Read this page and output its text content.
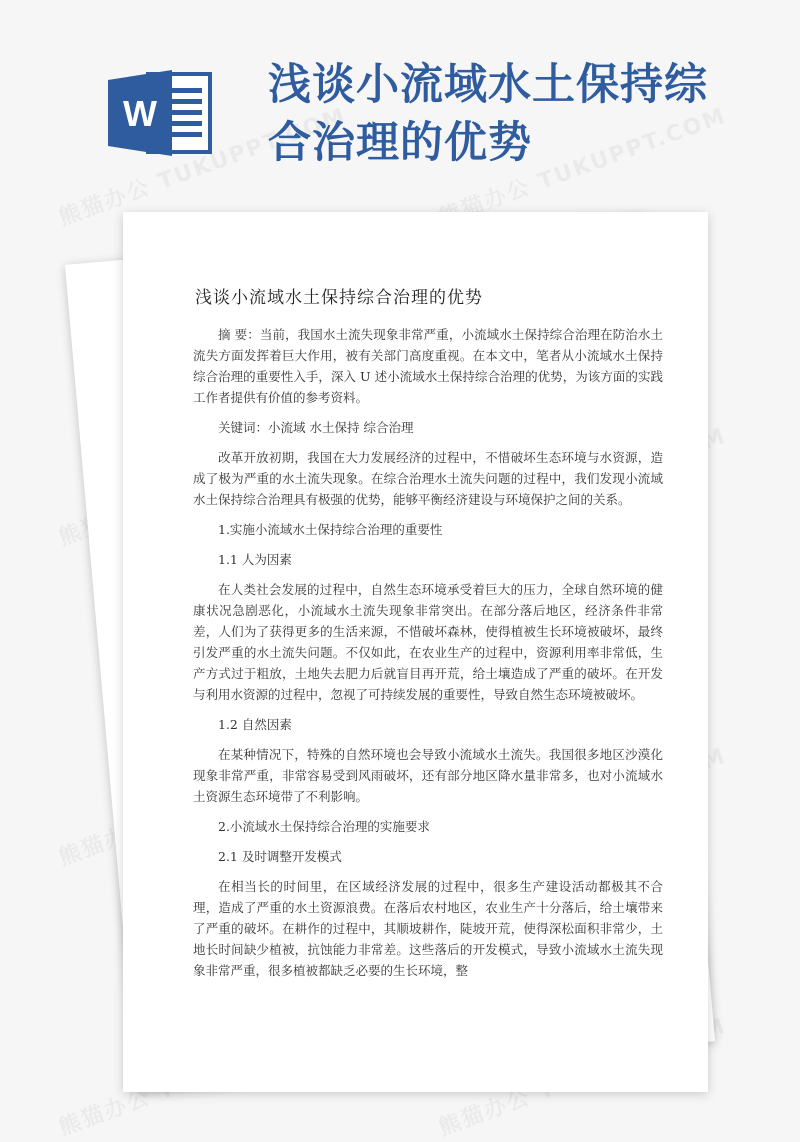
W
浅谈小流域水土保持综合治理的优势
浅谈小流域水土保持综合治理的优势

摘 要：当前，我国水土流失现象非常严重，小流域水土保持综合治理在防治水土流失方面发挥着巨大作用，被有关部门高度重视。在本文中，笔者从小流域水土保持综合治理的重要性入手，深入 U 述小流域水土保持综合治理的优势，为该方面的实践工作者提供有价值的参考资料。

关键词：小流域 水土保持 综合治理

改革开放初期，我国在大力发展经济的过程中，不惜破坏生态环境与水资源，造成了极为严重的水土流失现象。在综合治理水土流失问题的过程中，我们发现小流域水土保持综合治理具有极强的优势，能够平衡经济建设与环境保护之间的关系。

1.实施小流域水土保持综合治理的重要性

1.1 人为因素

在人类社会发展的过程中，自然生态环境承受着巨大的压力，全球自然环境的健康状况急剧恶化，小流域水土流失现象非常突出。在部分落后地区，经济条件非常差，人们为了获得更多的生活来源，不惜破坏森林，使得植被生长环境被破坏，最终引发严重的水土流失问题。不仅如此，在农业生产的过程中，资源利用率非常低，生产方式过于粗放，土地失去肥力后就盲目再开荒，给土壤造成了严重的破坏。在开发与利用水资源的过程中，忽视了可持续发展的重要性，导致自然生态环境被破坏。

1.2 自然因素

在某种情况下，特殊的自然环境也会导致小流域水土流失。我国很多地区沙漠化现象非常严重，非常容易受到风雨破坏，还有部分地区降水量非常多，也对小流域水土资源生态环境带了不利影响。

2.小流域水土保持综合治理的实施要求

2.1 及时调整开发模式

在相当长的时间里，在区域经济发展的过程中，很多生产建设活动都极其不合理，造成了严重的水土资源浪费。在落后农村地区，农业生产十分落后，给土壤带来了严重的破坏。在耕作的过程中，其顺坡耕作，陡坡开荒，使得深松面积非常少，土地长时间缺少植被，抗蚀能力非常差。这些落后的开发模式，导致小流域水土流失现象非常严重，很多植被都缺乏必要的生长环境，整
